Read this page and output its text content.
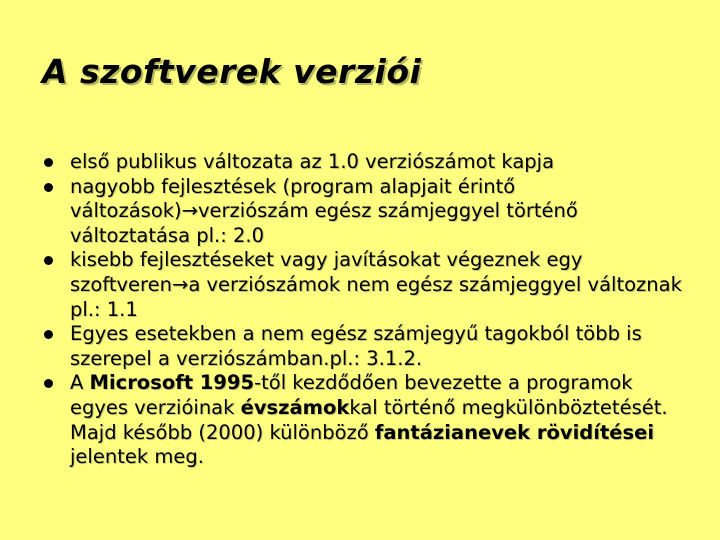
A szoftverek verziói
első publikus változata az 1.0 verziószámot kapja
nagyobb fejlesztések (program alapjait érintő változások)→verziószám egész számjeggyel történő változtatása pl.: 2.0
kisebb fejlesztéseket vagy javításokat végeznek egy szoftveren→a verziószámok nem egész számjeggyel változnak pl.: 1.1
Egyes esetekben a nem egész számjegyű tagokból több is szerepel a verziószámban.pl.: 3.1.2.
A Microsoft 1995-től kezdődően bevezette a programok egyes verzióinak évszámokkal történő megkülönböztetését. Majd később (2000) különböző fantázianevek rövidítései jelentek meg.
